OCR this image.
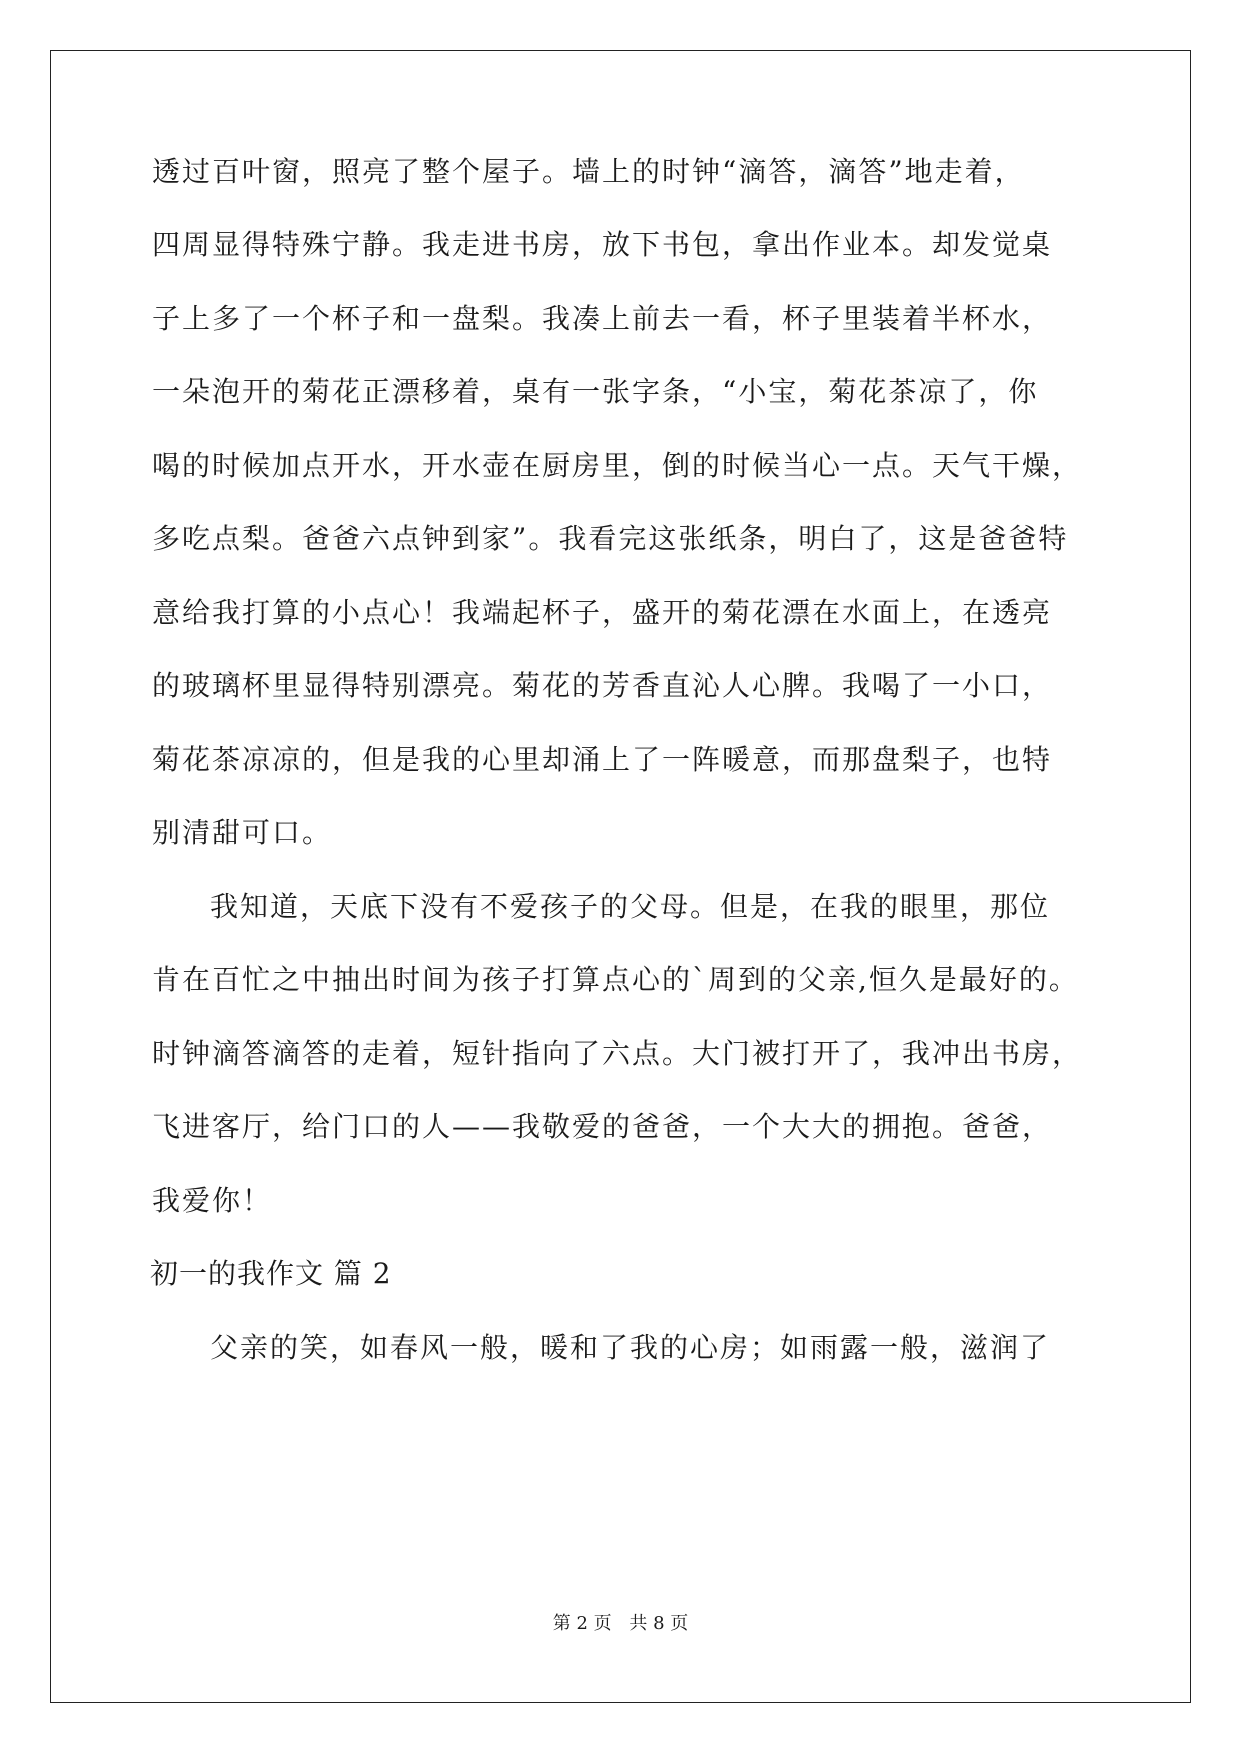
透过百叶窗，照亮了整个屋子。墙上的时钟“滴答，滴答”地走着，
四周显得特殊宁静。我走进书房，放下书包，拿出作业本。却发觉桌
子上多了一个杯子和一盘梨。我凑上前去一看，杯子里装着半杯水，
一朵泡开的菊花正漂移着，桌有一张字条，“小宝，菊花茶凉了，你
喝的时候加点开水，开水壶在厨房里，倒的时候当心一点。天气干燥，
多吃点梨。爸爸六点钟到家”。我看完这张纸条，明白了，这是爸爸特
意给我打算的小点心！我端起杯子，盛开的菊花漂在水面上，在透亮
的玻璃杯里显得特别漂亮。菊花的芳香直沁人心脾。我喝了一小口，
菊花茶凉凉的，但是我的心里却涌上了一阵暖意，而那盘梨子，也特
别清甜可口。
我知道，天底下没有不爱孩子的父母。但是，在我的眼里，那位
肯在百忙之中抽出时间为孩子打算点心的`周到的父亲,恒久是最好的。
时钟滴答滴答的走着，短针指向了六点。大门被打开了，我冲出书房，
飞进客厅，给门口的人——我敬爱的爸爸，一个大大的拥抱。爸爸，
我爱你！
初一的我作文 篇 2
父亲的笑，如春风一般，暖和了我的心房；如雨露一般，滋润了
第 2 页 共 8 页
